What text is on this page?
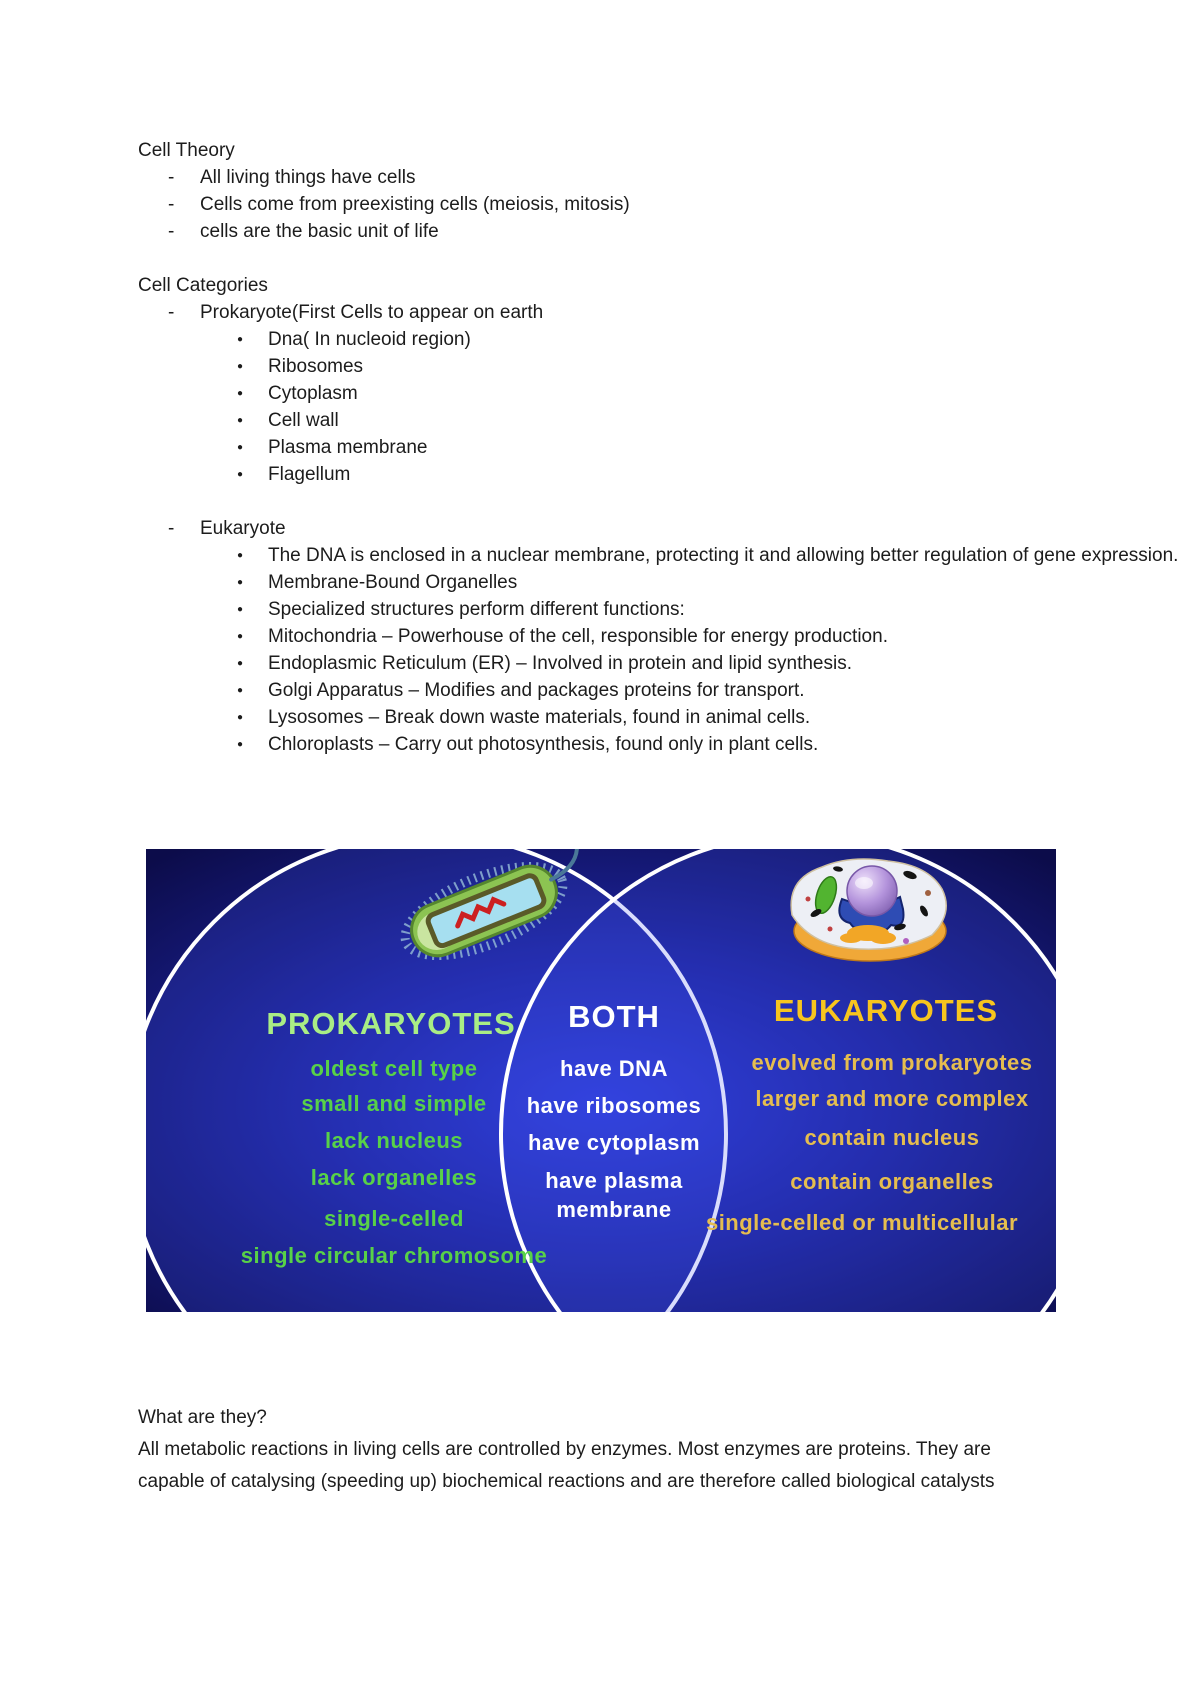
Cell Theory
-	All living things have cells
-	Cells come from preexisting cells (meiosis, mitosis)
-	cells are the basic unit of life
Cell Categories
-	Prokaryote(First Cells to appear on earth
●	Dna( In nucleoid region)
●	Ribosomes
●	Cytoplasm
●	Cell wall
●	Plasma membrane
●	Flagellum
-	Eukaryote
●	The DNA is enclosed in a nuclear membrane, protecting it and allowing better regulation of gene expression.
●	Membrane-Bound Organelles
●	Specialized structures perform different functions:
●	Mitochondria – Powerhouse of the cell, responsible for energy production.
●	Endoplasmic Reticulum (ER) – Involved in protein and lipid synthesis.
●	Golgi Apparatus – Modifies and packages proteins for transport.
●	Lysosomes – Break down waste materials, found in animal cells.
●	Chloroplasts – Carry out photosynthesis, found only in plant cells.
PROKARYOTES
oldest cell type
small and simple
lack nucleus
lack organelles
single-celled
single circular chromosome
BOTH
have DNA
have ribosomes
have cytoplasm
have plasma
membrane
EUKARYOTES
evolved from prokaryotes
larger and more complex
contain nucleus
contain organelles
single-celled or multicellular
What are they?
All metabolic reactions in living cells are controlled by enzymes. Most enzymes are proteins. They are capable of catalysing (speeding up) biochemical reactions and are therefore called biological catalysts
